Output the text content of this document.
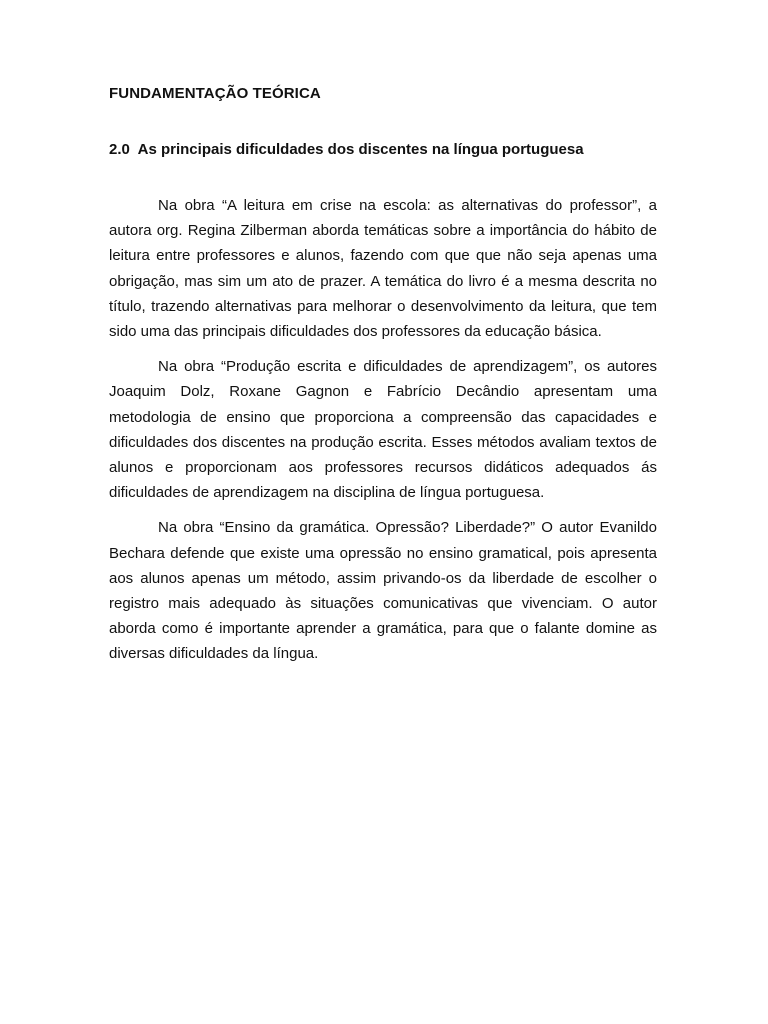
FUNDAMENTAÇÃO TEÓRICA
2.0  As principais dificuldades dos discentes na língua portuguesa

Na obra “A leitura em crise na escola: as alternativas do professor”, a autora org. Regina Zilberman aborda temáticas sobre a importância do hábito de leitura entre professores e alunos, fazendo com que que não seja apenas uma obrigação, mas sim um ato de prazer. A temática do livro é a mesma descrita no título, trazendo alternativas para melhorar o desenvolvimento da leitura, que tem sido uma das principais dificuldades dos professores da educação básica.

Na obra “Produção escrita e dificuldades de aprendizagem”, os autores Joaquim Dolz, Roxane Gagnon e Fabrício Decândio apresentam uma metodologia de ensino que proporciona a compreensão das capacidades e dificuldades dos discentes na produção escrita. Esses métodos avaliam textos de alunos e proporcionam aos professores recursos didáticos adequados ás dificuldades de aprendizagem na disciplina de língua portuguesa.

Na obra “Ensino da gramática. Opressão? Liberdade?” O autor Evanildo Bechara defende que existe uma opressão no ensino gramatical, pois apresenta aos alunos apenas um método, assim privando-os da liberdade de escolher o registro mais adequado às situações comunicativas que vivenciam. O autor aborda como é importante aprender a gramática, para que o falante domine as diversas dificuldades da língua.
